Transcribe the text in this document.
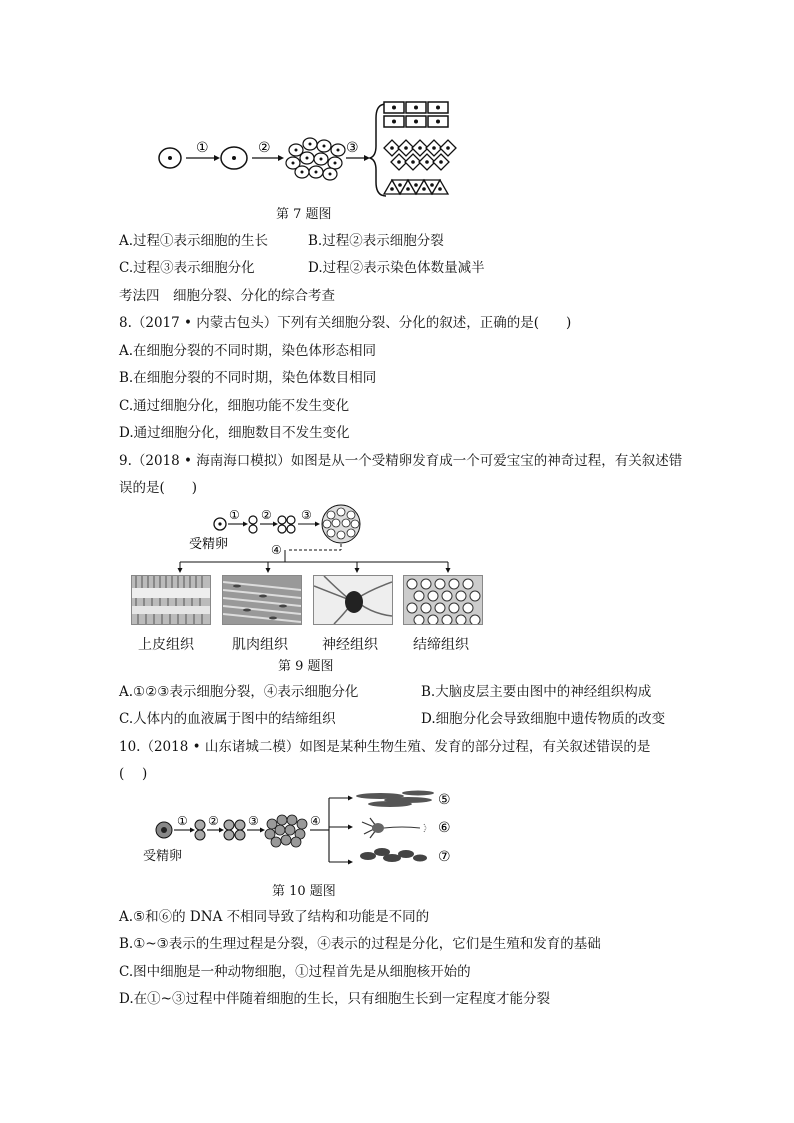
①	②	③
第 7 题图
A.过程①表示细胞的生长	B.过程②表示细胞分裂
C.过程③表示细胞分化	D.过程②表示染色体数量减半
考法四　细胞分裂、分化的综合考查
8.（2017 • 内蒙古包头）下列有关细胞分裂、分化的叙述，正确的是(　　)
A.在细胞分裂的不同时期，染色体形态相同
B.在细胞分裂的不同时期，染色体数目相同
C.通过细胞分化，细胞功能不发生变化
D.通过细胞分化，细胞数目不发生变化
9.（2018 • 海南海口模拟）如图是从一个受精卵发育成一个可爱宝宝的神奇过程，有关叙述错
误的是(　　)
① ② ③
受精卵	④
上皮组织	肌肉组织 神经组织	结缔组织
第 9 题图
A.①②③表示细胞分裂，④表示细胞分化	B.大脑皮层主要由图中的神经组织构成
C.人体内的血液属于图中的结缔组织	D.细胞分化会导致细胞中遗传物质的改变
10.（2018 • 山东诸城二模）如图是某种生物生殖、发育的部分过程，有关叙述错误的是
(　 )
① ② ③	④
⑤
⑥
⑦
受精卵
第 10 题图
A.⑤和⑥的 DNA 不相同导致了结构和功能是不同的
B.①~③表示的生理过程是分裂，④表示的过程是分化，它们是生殖和发育的基础
C.图中细胞是一种动物细胞，①过程首先是从细胞核开始的
D.在①~③过程中伴随着细胞的生长，只有细胞生长到一定程度才能分裂
